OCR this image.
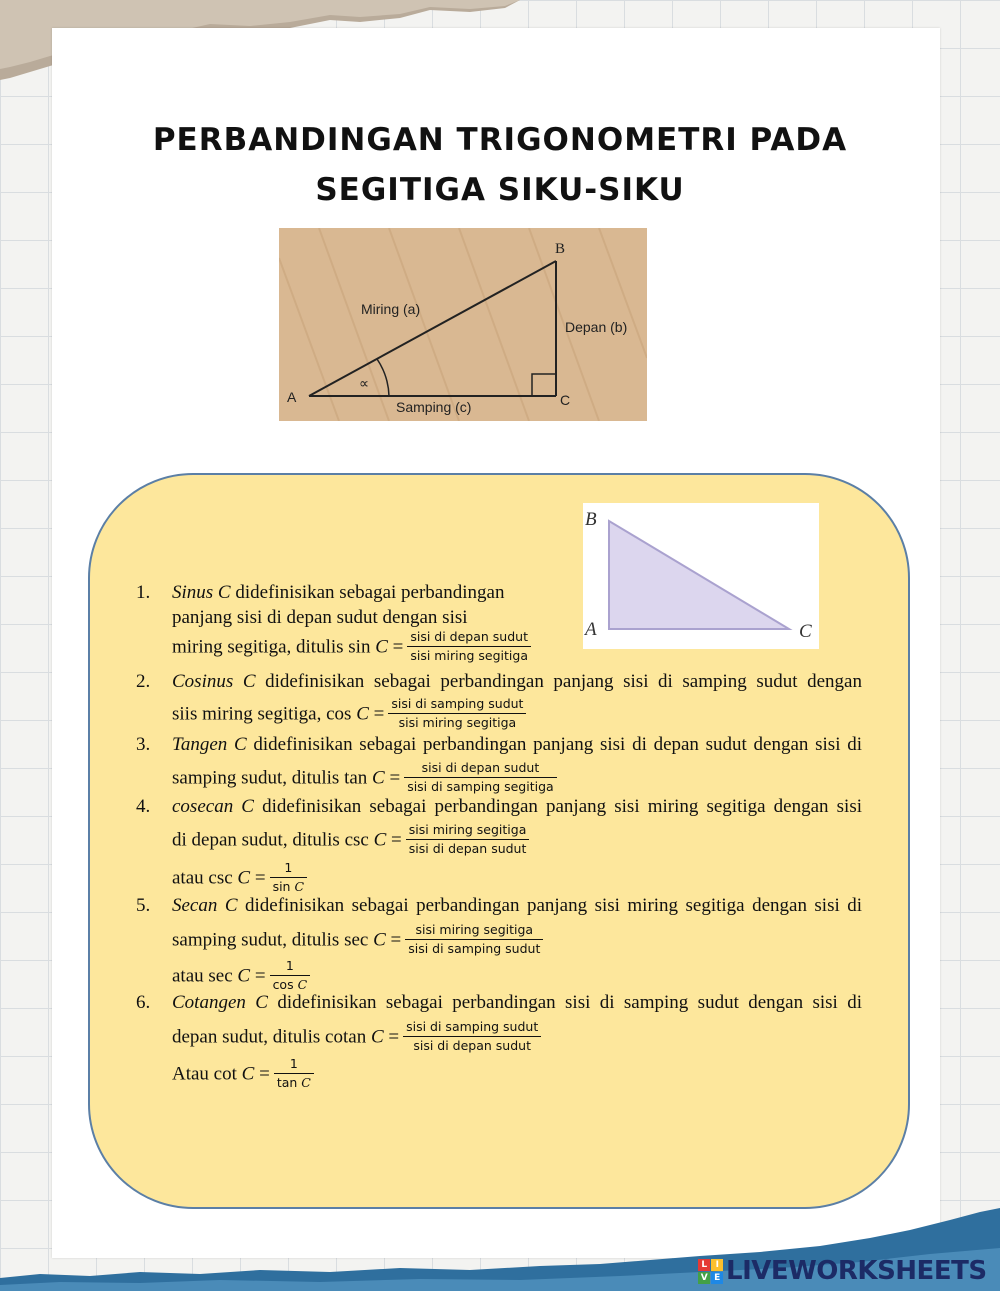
PERBANDINGAN TRIGONOMETRI PADA
SEGITIGA SIKU-SIKU
∝
A
B
C
Miring (a)
Depan (b)
Samping (c)
B
A	C
1. Sinus C didefinisikan sebagai perbandingan
panjang sisi di depan sudut dengan sisi
miring segitiga, ditulis $\sin C = \frac{\text{sisi di depan sudut}}{\text{sisi miring segitiga}}$
2. Cosinus C didefinisikan sebagai perbandingan panjang sisi di samping sudut dengan
siis miring segitiga, $\cos C = \frac{\text{sisi di samping sudut}}{\text{sisi miring segitiga}}$
3. Tangen C didefinisikan sebagai perbandingan panjang sisi di depan sudut dengan sisi di
samping sudut, ditulis $\tan C = \frac{\text{sisi di depan sudut}}{\text{sisi di samping segitiga}}$
4. cosecan C didefinisikan sebagai perbandingan panjang sisi miring segitiga dengan sisi
di depan sudut, ditulis $\csc C = \frac{\text{sisi miring segitiga}}{\text{sisi di depan sudut}}$
atau $\csc C = \frac{1}{\text{sin C}}$
5. Secan C didefinisikan sebagai perbandingan panjang sisi miring segitiga dengan sisi di
samping sudut, ditulis $\sec C = \frac{\text{sisi miring segitiga}}{\text{sisi di samping sudut}}$
atau $\sec C = \frac{1}{\text{cos C}}$
6. Cotangen C didefinisikan sebagai perbandingan sisi di samping sudut dengan sisi di
depan sudut, ditulis cotan $C = \frac{\text{sisi di samping sudut}}{\text{sisi di depan sudut}}$
Atau $\cot C = \frac{1}{\text{tan C}}$
L I
V E LIVEWORKSHEETS
